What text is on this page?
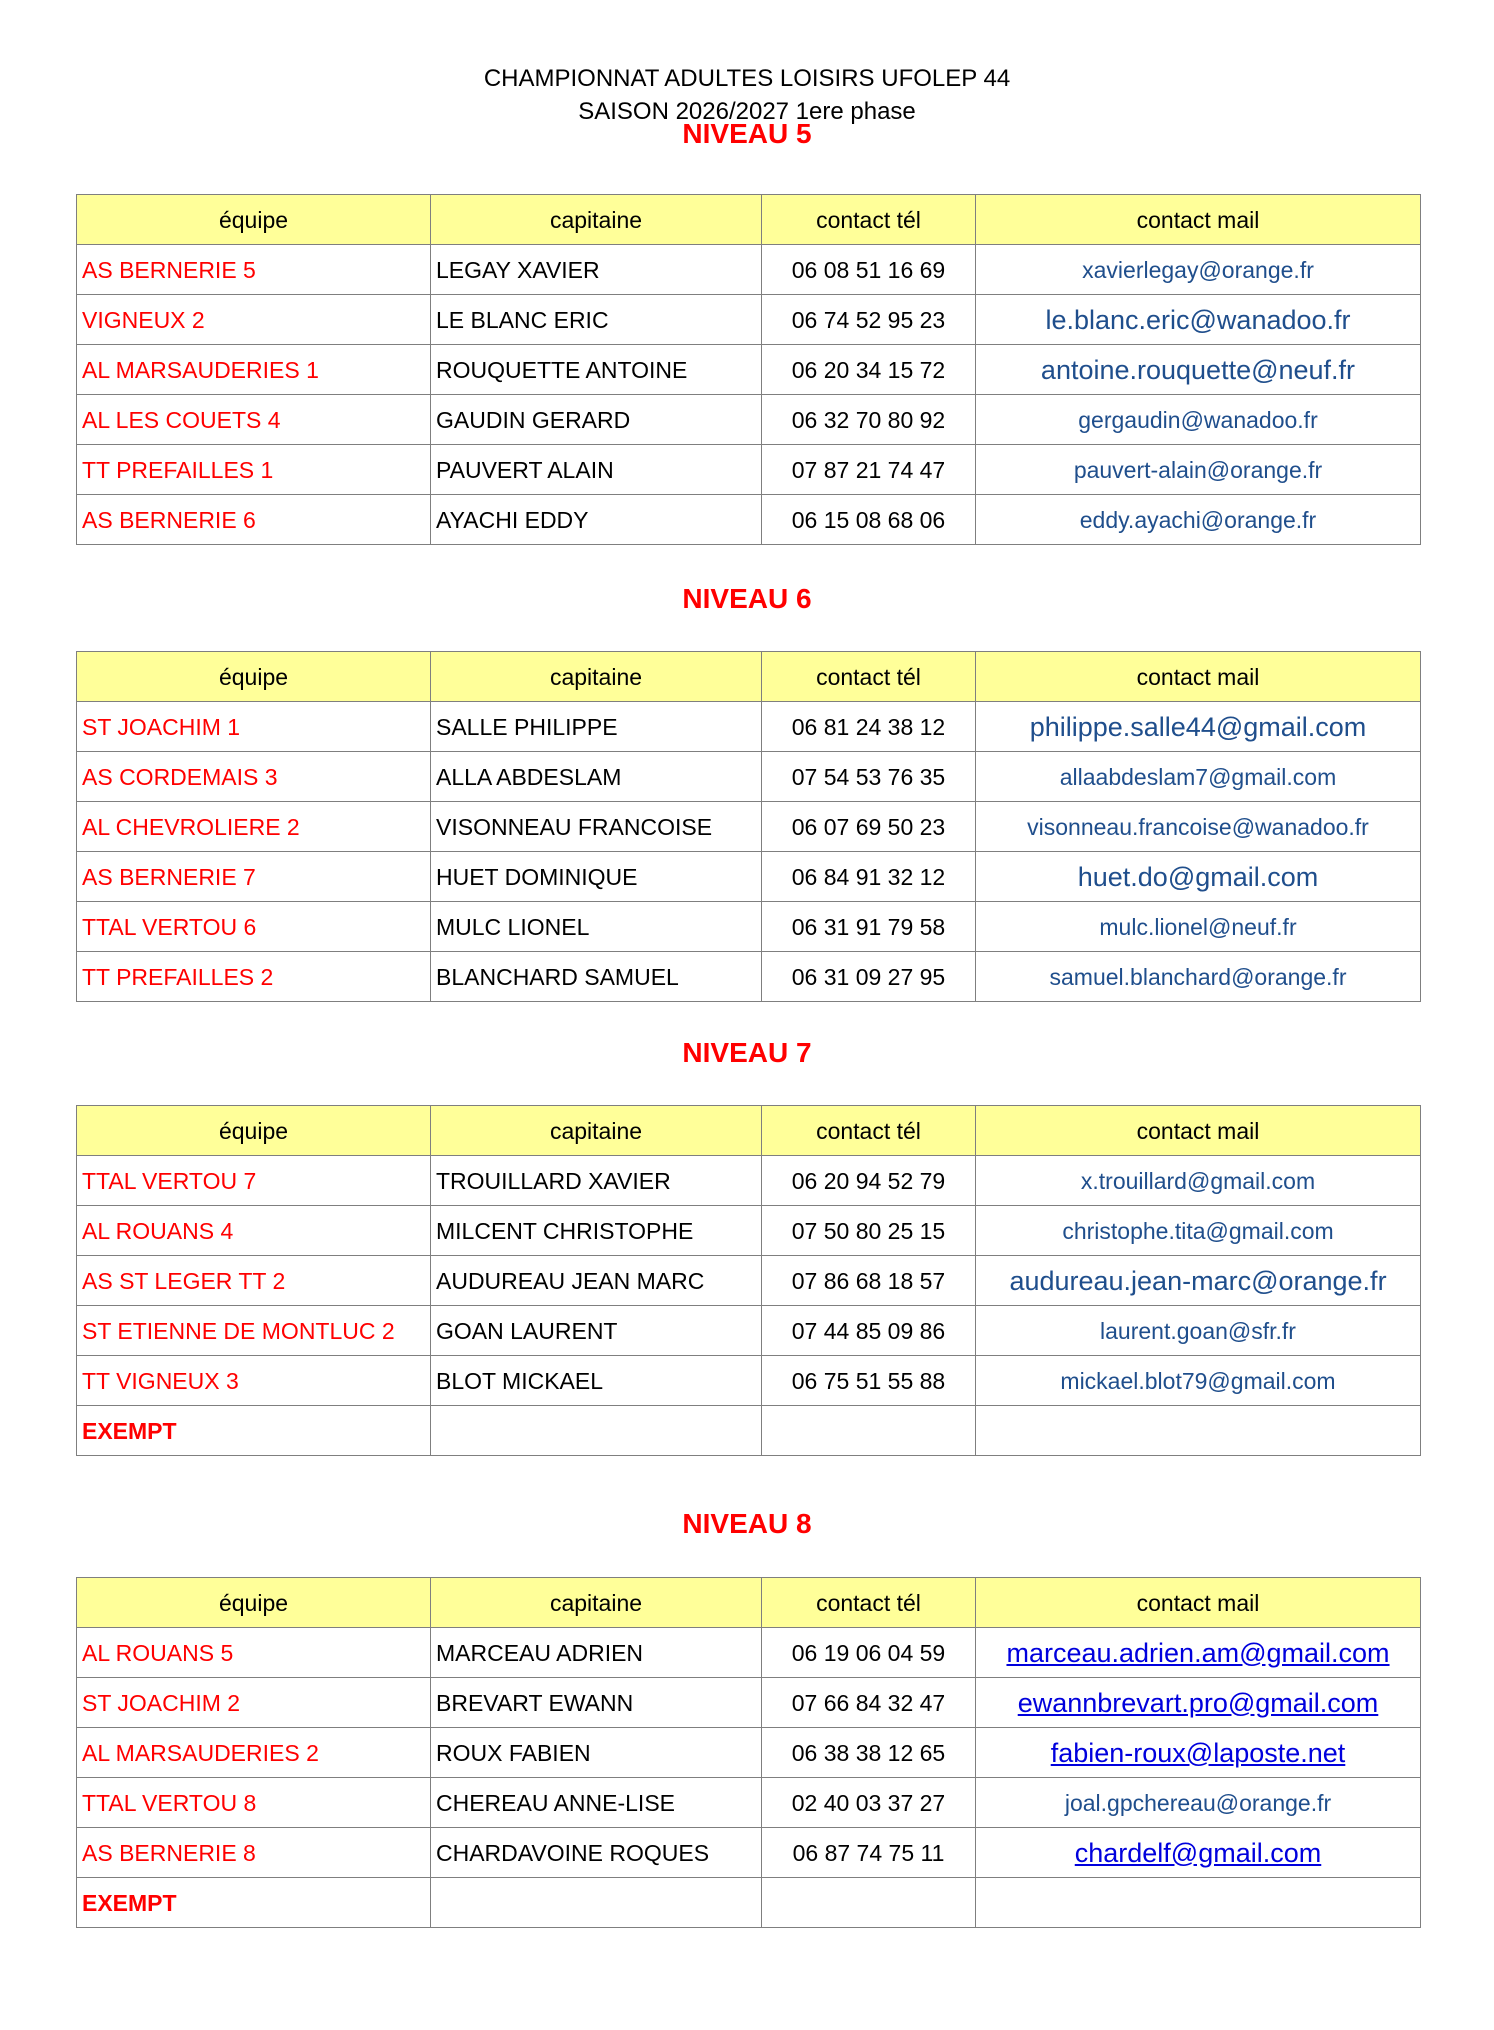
CHAMPIONNAT ADULTES LOISIRS UFOLEP 44
SAISON 2026/2027 1ere phase
NIVEAU 5
équipe	capitaine	contact tél	contact mail
AS BERNERIE 5	LEGAY XAVIER	06 08 51 16 69	xavierlegay@orange.fr
VIGNEUX 2	LE BLANC ERIC	06 74 52 95 23	le.blanc.eric@wanadoo.fr
AL MARSAUDERIES 1	ROUQUETTE ANTOINE	06 20 34 15 72	antoine.rouquette@neuf.fr
AL LES COUETS 4	GAUDIN GERARD	06 32 70 80 92	gergaudin@wanadoo.fr
TT PREFAILLES 1	PAUVERT ALAIN	07 87 21 74 47	pauvert-alain@orange.fr
AS BERNERIE 6	AYACHI EDDY	06 15 08 68 06	eddy.ayachi@orange.fr
NIVEAU 6
équipe	capitaine	contact tél	contact mail
ST JOACHIM 1	SALLE PHILIPPE	06 81 24 38 12	philippe.salle44@gmail.com
AS CORDEMAIS 3	ALLA ABDESLAM	07 54 53 76 35	allaabdeslam7@gmail.com
AL CHEVROLIERE 2	VISONNEAU FRANCOISE	06 07 69 50 23	visonneau.francoise@wanadoo.fr
AS BERNERIE 7	HUET DOMINIQUE	06 84 91 32 12	huet.do@gmail.com
TTAL VERTOU 6	MULC LIONEL	06 31 91 79 58	mulc.lionel@neuf.fr
TT PREFAILLES 2	BLANCHARD SAMUEL	06 31 09 27 95	samuel.blanchard@orange.fr
NIVEAU 7
équipe	capitaine	contact tél	contact mail
TTAL VERTOU 7	TROUILLARD XAVIER	06 20 94 52 79	x.trouillard@gmail.com
AL ROUANS 4	MILCENT CHRISTOPHE	07 50 80 25 15	christophe.tita@gmail.com
AS ST LEGER TT 2	AUDUREAU JEAN MARC	07 86 68 18 57	audureau.jean-marc@orange.fr
ST ETIENNE DE MONTLUC 2	GOAN LAURENT	07 44 85 09 86	laurent.goan@sfr.fr
TT VIGNEUX 3	BLOT MICKAEL	06 75 51 55 88	mickael.blot79@gmail.com
EXEMPT			
NIVEAU 8
équipe	capitaine	contact tél	contact mail
AL ROUANS 5	MARCEAU ADRIEN	06 19 06 04 59	marceau.adrien.am@gmail.com
ST JOACHIM 2	BREVART EWANN	07 66 84 32 47	ewannbrevart.pro@gmail.com
AL MARSAUDERIES 2	ROUX FABIEN	06 38 38 12 65	fabien-roux@laposte.net
TTAL VERTOU 8	CHEREAU ANNE-LISE	02 40 03 37 27	joal.gpchereau@orange.fr
AS BERNERIE 8	CHARDAVOINE ROQUES	06 87 74 75 11	chardelf@gmail.com
EXEMPT			
